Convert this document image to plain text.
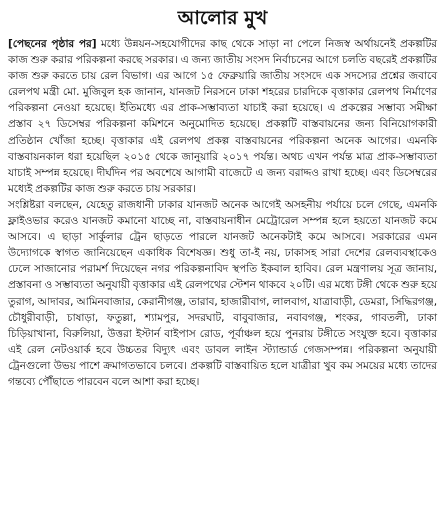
আলোর মুখ

[পেছনের পৃষ্ঠার পর] মধ্যে উন্নয়ন-সহযোগীদের কাছ থেকে সাড়া না পেলে নিজস্ব অর্থায়নেই প্রকল্পটির কাজ শুরু করার পরিকল্পনা করছে সরকার। এ জন্য জাতীয় সংসদ নির্বাচনের আগে চলতি বছরেই প্রকল্পটির কাজ শুরু করতে চায় রেল বিভাগ। এর আগে ১৫ ফেব্রুয়ারি জাতীয় সংসদে এক সদস্যের প্রশ্নের জবাবে রেলপথ মন্ত্রী মো. মুজিবুল হক জানান, যানজট নিরসনে ঢাকা শহরের চারদিকে বৃত্তাকার রেলপথ নির্মাণের পরিকল্পনা নেওয়া হয়েছে। ইতিমধ্যে এর প্রাক-সম্ভাব্যতা যাচাই করা হয়েছে। এ প্রকল্পের সম্ভাব্য সমীক্ষা প্রস্তাব ২৭ ডিসেম্বর পরিকল্পনা কমিশনে অনুমোদিত হয়েছে। প্রকল্পটি বাস্তবায়নের জন্য বিনিয়োগকারী প্রতিষ্ঠান খোঁজা হচ্ছে। বৃত্তাকার এই রেলপথ প্রকল্প বাস্তবায়নের পরিকল্পনা অনেক আগের। এমনকি বাস্তবায়নকাল ধরা হয়েছিল ২০১৫ থেকে জানুয়ারি ২০১৭ পর্যন্ত। অথচ এখন পর্যন্ত মাত্র প্রাক-সম্ভাব্যতা যাচাই সম্পন্ন হয়েছে। দীর্ঘদিন পর অবশেষে আগামী বাজেটে এ জন্য বরাদ্দও রাখা হচ্ছে। এবং ডিসেম্বরের মধ্যেই প্রকল্পটির কাজ শুরু করতে চায় সরকার।

সংশ্লিষ্টরা বলছেন, যেহেতু রাজধানী ঢাকার যানজট অনেক আগেই অসহনীয় পর্যায়ে চলে গেছে, এমনকি ফ্লাইওভার করেও যানজট কমানো যাচ্ছে না, বাস্তবায়নাধীন মেট্রোরেল সম্পন্ন হলে হয়তো যানজট কমে আসবে। এ ছাড়া সার্কুলার ট্রেন ছাড়তে পারলে যানজট অনেকটাই কমে আসবে। সরকারের এমন উদ্যোগকে স্বাগত জানিয়েছেন একাধিক বিশেষজ্ঞ। শুধু তা-ই নয়, ঢাকাসহ সারা দেশের রেলব্যবস্থাকেও ঢেলে সাজানোর পরামর্শ দিয়েছেন নগর পরিকল্পনাবিদ স্থপতি ইকবাল হাবিব। রেল মন্ত্রণালয় সূত্র জানায়, প্রস্তাবনা ও সম্ভাব্যতা অনুযায়ী বৃত্তাকার এই রেলপথের স্টেশন থাকবে ২০টি। এর মধ্যে টঙ্গী থেকে শুরু হয়ে তুরাগ, আদাবর, আমিনবাজার, কেরানীগঞ্জ, তারাব, হাজারীবাগ, লালবাগ, যাত্রাবাড়ী, ডেমরা, সিদ্ধিরগঞ্জ, চৌধুরীবাড়ী, চাষাড়া, ফতুল্লা, শ্যামপুর, সদরঘাট, বাবুবাজার, নবাবগঞ্জ, শংকর, গাবতলী, ঢাকা চিড়িয়াখানা, বিরুলিয়া, উত্তরা ইস্টার্ন বাইপাস রোড, পূর্বাঞ্চল হয়ে পুনরায় টঙ্গীতে সংযুক্ত হবে। বৃত্তাকার এই রেল নেটওয়ার্ক হবে উচ্চতর বিদ্যুৎ এবং ডাবল লাইন স্ট্যান্ডার্ড গেজসম্পন্ন। পরিকল্পনা অনুযায়ী ট্রেনগুলো উভয় পাশে ক্রমাগতভাবে চলবে। প্রকল্পটি বাস্তবায়িত হলে যাত্রীরা খুব কম সময়ের মধ্যে তাদের গন্তব্যে পৌঁছাতে পারবেন বলে আশা করা হচ্ছে।
